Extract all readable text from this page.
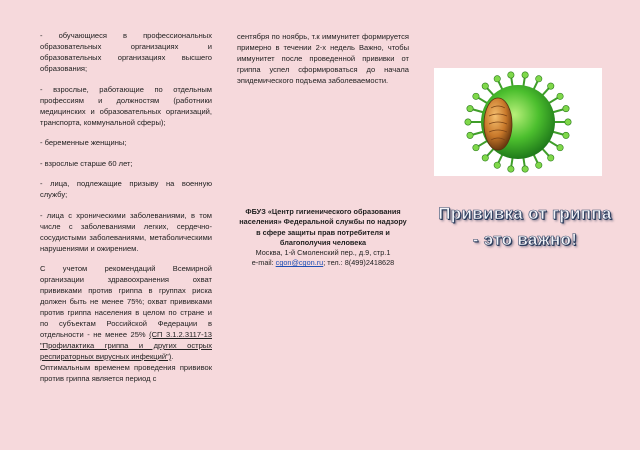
- обучающиеся в профессиональных образовательных организациях и образовательных организациях высшего образования;

- взрослые, работающие по отдельным профессиям и должностям (работники медицинских и образовательных организаций, транспорта, коммунальной сферы);

- беременные женщины;

- взрослые старше 60 лет;

- лица, подлежащие призыву на военную службу;

- лица с хроническими заболеваниями, в том числе с заболеваниями легких, сердечно-сосудистыми заболеваниями, метаболическими нарушениями и ожирением.

С учетом рекомендаций Всемирной организации здравоохранения охват прививками против гриппа в группах риска должен быть не менее 75%; охват прививками против гриппа населения в целом по стране и по субъектам Российской Федерации в отдельности - не менее 25% (СП 3.1.2.3117-13 "Профилактика гриппа и других острых респираторных вирусных инфекций").

Оптимальным временем проведения прививок против гриппа является период с

сентября по ноябрь, т.к иммунитет формируется примерно в течении 2-х недель Важно, чтобы иммунитет после проведенной прививки от гриппа успел сформироваться до начала эпидемического подъема заболеваемости.

ФБУЗ «Центр гигиенического образования населения» Федеральной службы по надзору в сфере защиты прав потребителя и благополучия человека
Москва, 1-й Смоленский пер., д.9, стр.1
e-mail: cgon@cgon.ru; тел.: 8(499)2418628
Прививка от гриппа
- это важно!
